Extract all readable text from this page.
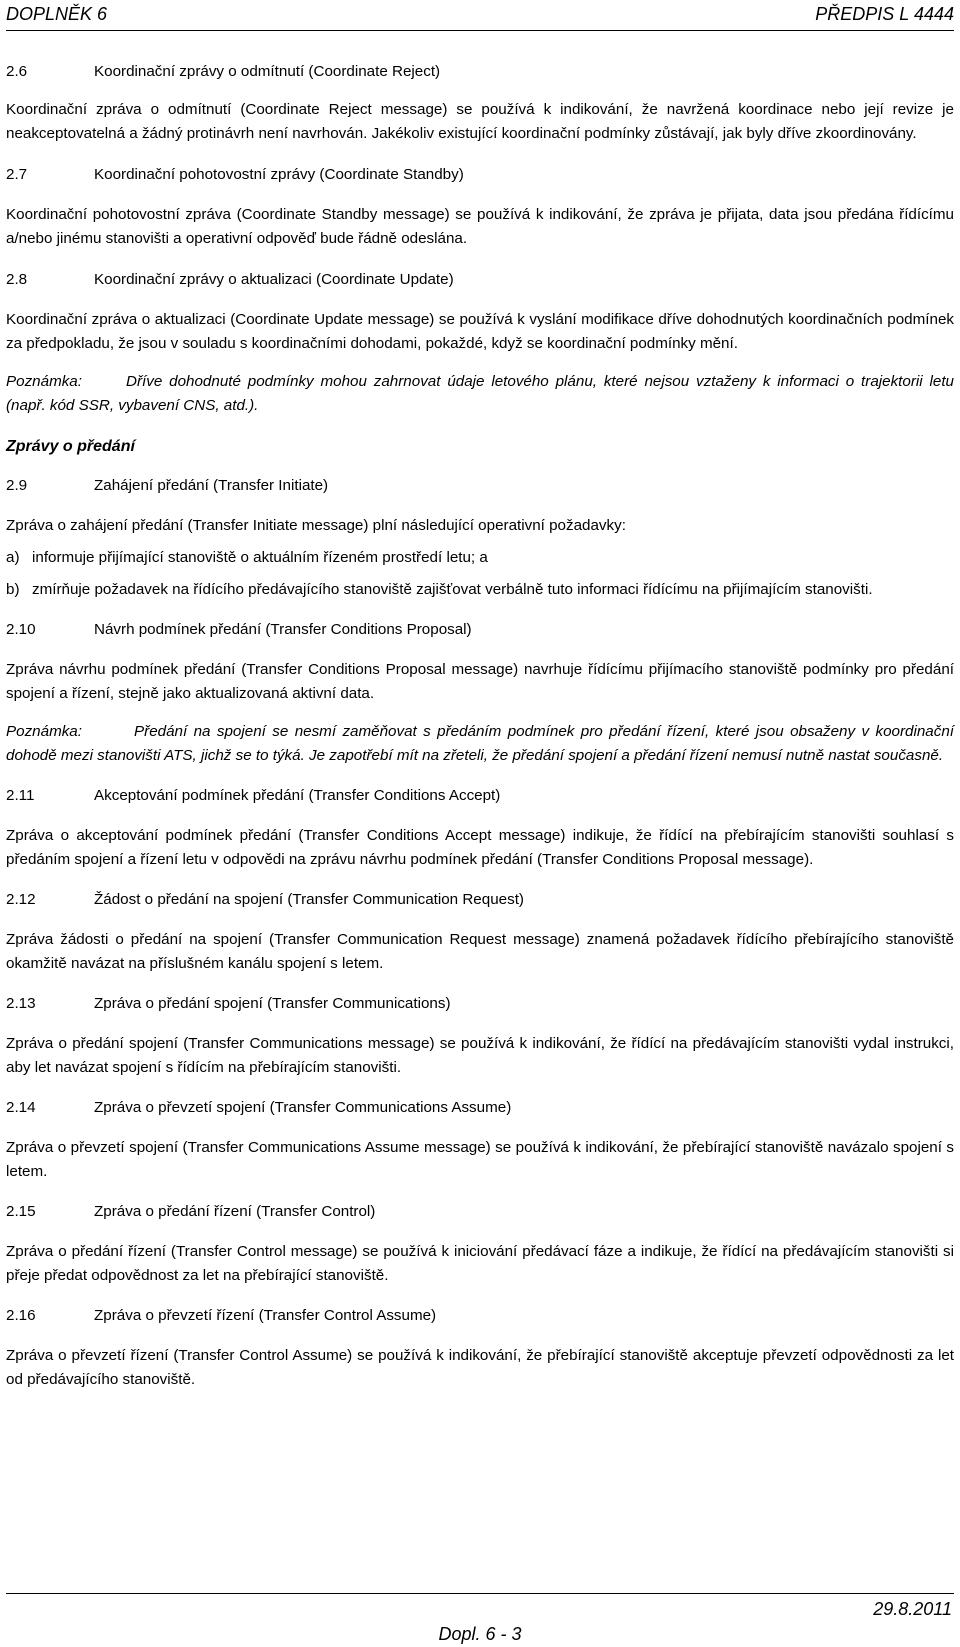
DOPLNĚK 6	PŘEDPIS L 4444
2.6	Koordinační zprávy o odmítnutí (Coordinate Reject)

Koordinační zpráva o odmítnutí (Coordinate Reject message) se používá k indikování, že navržená koordinace nebo její revize je neakceptovatelná a žádný protinávrh není navrhován. Jakékoliv existující koordinační podmínky zůstávají, jak byly dříve zkoordinovány.

2.7	Koordinační pohotovostní zprávy (Coordinate Standby)

Koordinační pohotovostní zpráva (Coordinate Standby message) se používá k indikování, že zpráva je přijata, data jsou předána řídícímu a/nebo jinému stanovišti a operativní odpověď bude řádně odeslána.

2.8	Koordinační zprávy o aktualizaci (Coordinate Update)

Koordinační zpráva o aktualizaci (Coordinate Update message) se používá k vyslání modifikace dříve dohodnutých koordinačních podmínek za předpokladu, že jsou v souladu s koordinačními dohodami, pokaždé, když se koordinační podmínky mění.

Poznámka:	Dříve dohodnuté podmínky mohou zahrnovat údaje letového plánu, které nejsou vztaženy k informaci o trajektorii letu (např. kód SSR, vybavení CNS, atd.).

Zprávy o předání
2.9	Zahájení předání (Transfer Initiate)

Zpráva o zahájení předání (Transfer Initiate message) plní následující operativní požadavky:

a) informuje přijímající stanoviště o aktuálním řízeném prostředí letu; a
b) zmírňuje požadavek na řídícího předávajícího stanoviště zajišťovat verbálně tuto informaci řídícímu na přijímajícím stanovišti.
2.10	Návrh podmínek předání (Transfer Conditions Proposal)

Zpráva návrhu podmínek předání (Transfer Conditions Proposal message) navrhuje řídícímu přijímacího stanoviště podmínky pro předání spojení a řízení, stejně jako aktualizovaná aktivní data.

Poznámka:	Předání na spojení se nesmí zaměňovat s předáním podmínek pro předání řízení, které jsou obsaženy v koordinační dohodě mezi stanovišti ATS, jichž se to týká. Je zapotřebí mít na zřeteli, že předání spojení a předání řízení nemusí nutně nastat současně.

2.11	Akceptování podmínek předání (Transfer Conditions Accept)

Zpráva o akceptování podmínek předání (Transfer Conditions Accept message) indikuje, že řídící na přebírajícím stanovišti souhlasí s předáním spojení a řízení letu v odpovědi na zprávu návrhu podmínek předání (Transfer Conditions Proposal message).

2.12	Žádost o předání na spojení (Transfer Communication Request)

Zpráva žádosti o předání na spojení (Transfer Communication Request message) znamená požadavek řídícího přebírajícího stanoviště okamžitě navázat na příslušném kanálu spojení s letem.

2.13	Zpráva o předání spojení (Transfer Communications)

Zpráva o předání spojení (Transfer Communications message) se používá k indikování, že řídící na předávajícím stanovišti vydal instrukci, aby let navázat spojení s řídícím na přebírajícím stanovišti.

2.14	Zpráva o převzetí spojení (Transfer Communications Assume)

Zpráva o převzetí spojení (Transfer Communications Assume message) se používá k indikování, že přebírající stanoviště navázalo spojení s letem.

2.15	Zpráva o předání řízení (Transfer Control)

Zpráva o předání řízení (Transfer Control message) se používá k iniciování předávací fáze a indikuje, že řídící na předávajícím stanovišti si přeje předat odpovědnost za let na přebírající stanoviště.

2.16	Zpráva o převzetí řízení (Transfer Control Assume)

Zpráva o převzetí řízení (Transfer Control Assume) se používá k indikování, že přebírající stanoviště akceptuje převzetí odpovědnosti za let od předávajícího stanoviště.

29.8.2011
Dopl. 6 - 3
